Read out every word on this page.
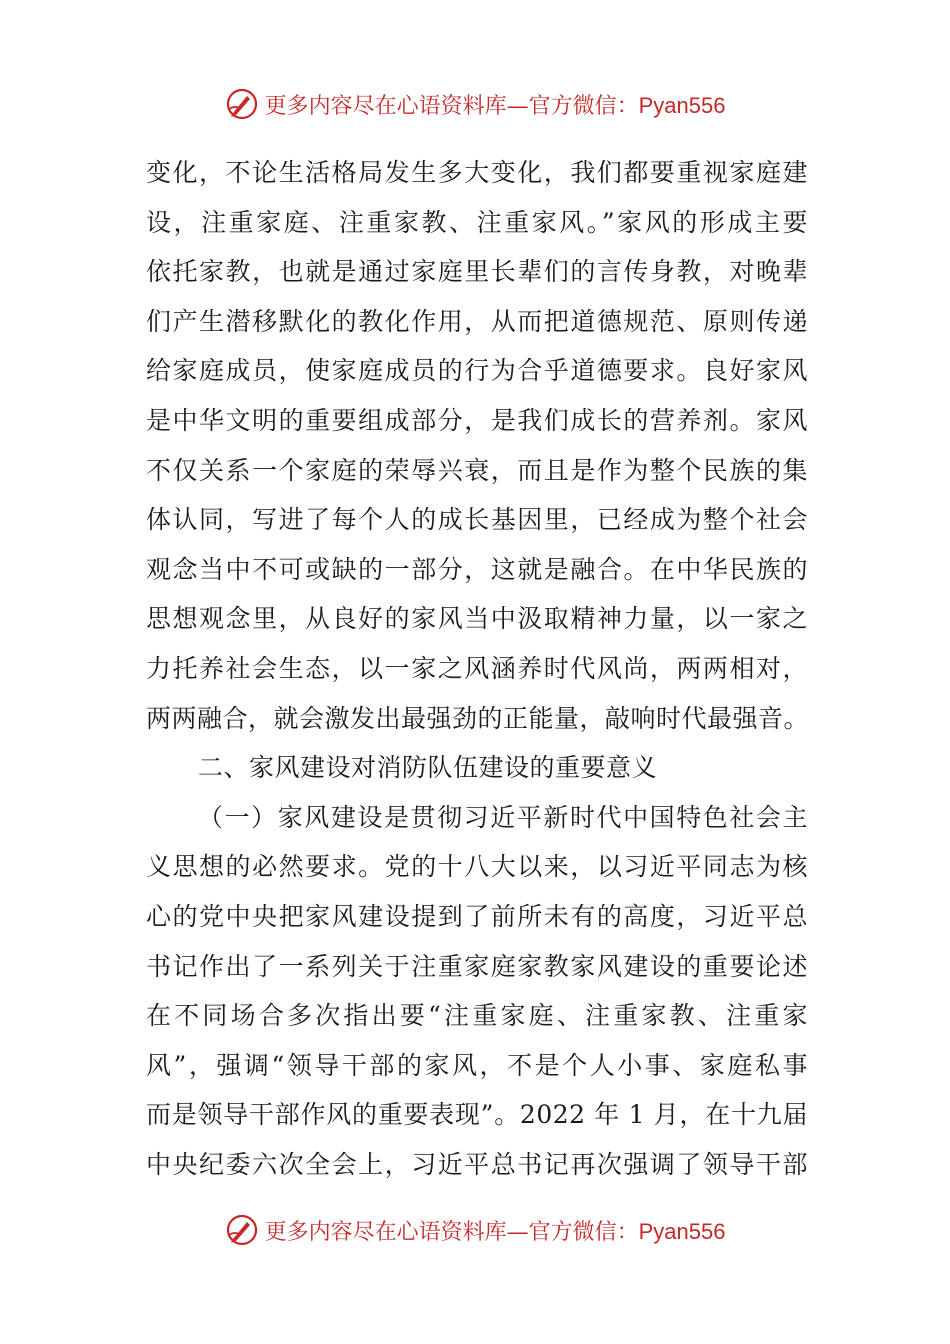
更多内容尽在心语资料库—官方微信：Pyan556
变化，不论生活格局发生多大变化，我们都要重视家庭建
设，注重家庭、注重家教、注重家风。”家风的形成主要
依托家教，也就是通过家庭里长辈们的言传身教，对晚辈
们产生潜移默化的教化作用，从而把道德规范、原则传递
给家庭成员，使家庭成员的行为合乎道德要求。良好家风
是中华文明的重要组成部分，是我们成长的营养剂。家风
不仅关系一个家庭的荣辱兴衰，而且是作为整个民族的集
体认同，写进了每个人的成长基因里，已经成为整个社会
观念当中不可或缺的一部分，这就是融合。在中华民族的
思想观念里，从良好的家风当中汲取精神力量，以一家之
力托养社会生态，以一家之风涵养时代风尚，两两相对，
两两融合，就会激发出最强劲的正能量，敲响时代最强音。
二、家风建设对消防队伍建设的重要意义
（一）家风建设是贯彻习近平新时代中国特色社会主
义思想的必然要求。党的十八大以来，以习近平同志为核
心的党中央把家风建设提到了前所未有的高度，习近平总
书记作出了一系列关于注重家庭家教家风建设的重要论述
在不同场合多次指出要“注重家庭、注重家教、注重家
风”，强调“领导干部的家风，不是个人小事、家庭私事
而是领导干部作风的重要表现”。2022 年 1 月，在十九届
中央纪委六次全会上，习近平总书记再次强调了领导干部
更多内容尽在心语资料库—官方微信：Pyan556
